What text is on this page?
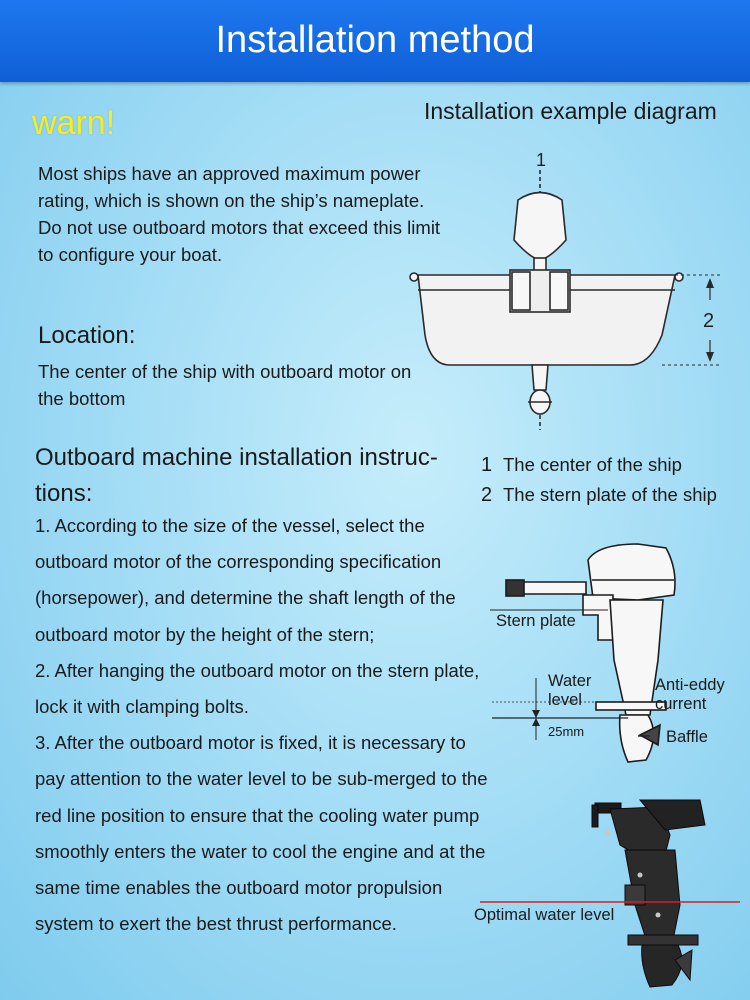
Installation method

warn!

Most ships have an approved maximum power rating, which is shown on the ship’s nameplate. Do not use outboard motors that exceed this limit to configure your boat.

Installation example diagram

Location:

The center of the ship with outboard motor on the bottom

Outboard machine installation instruc-tions:

1. According to the size of the vessel, select the outboard motor of the corresponding specification (horsepower), and determine the shaft length of the outboard motor by the height of the stern;
2. After hanging the outboard motor on the stern plate, lock it with clamping bolts.
3. After the outboard motor is fixed, it is necessary to pay attention to the water level to be sub-merged to the red line position to ensure that the cooling water pump smoothly enters the water to cool the engine and at the same time enables the outboard motor propulsion system to exert the best thrust performance.
1 The center of the ship
2 The stern plate of the ship
1
2
Stern plate
Water level
Anti-eddy current
25mm	Baffle
Optimal water level
